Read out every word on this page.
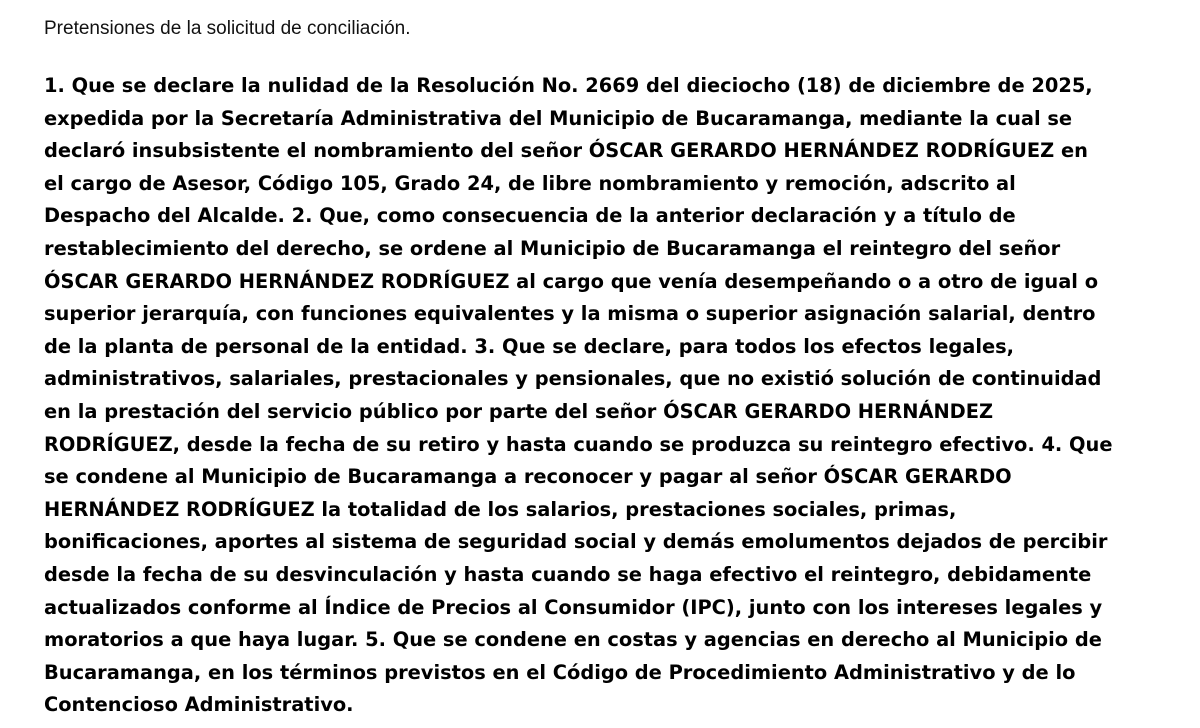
Pretensiones de la solicitud de conciliación.
1. Que se declare la nulidad de la Resolución No. 2669 del dieciocho (18) de diciembre de 2025,
expedida por la Secretaría Administrativa del Municipio de Bucaramanga, mediante la cual se
declaró insubsistente el nombramiento del señor ÓSCAR GERARDO HERNÁNDEZ RODRÍGUEZ en
el cargo de Asesor, Código 105, Grado 24, de libre nombramiento y remoción, adscrito al
Despacho del Alcalde. 2. Que, como consecuencia de la anterior declaración y a título de
restablecimiento del derecho, se ordene al Municipio de Bucaramanga el reintegro del señor
ÓSCAR GERARDO HERNÁNDEZ RODRÍGUEZ al cargo que venía desempeñando o a otro de igual o
superior jerarquía, con funciones equivalentes y la misma o superior asignación salarial, dentro
de la planta de personal de la entidad. 3. Que se declare, para todos los efectos legales,
administrativos, salariales, prestacionales y pensionales, que no existió solución de continuidad
en la prestación del servicio público por parte del señor ÓSCAR GERARDO HERNÁNDEZ
RODRÍGUEZ, desde la fecha de su retiro y hasta cuando se produzca su reintegro efectivo. 4. Que
se condene al Municipio de Bucaramanga a reconocer y pagar al señor ÓSCAR GERARDO
HERNÁNDEZ RODRÍGUEZ la totalidad de los salarios, prestaciones sociales, primas,
bonificaciones, aportes al sistema de seguridad social y demás emolumentos dejados de percibir
desde la fecha de su desvinculación y hasta cuando se haga efectivo el reintegro, debidamente
actualizados conforme al Índice de Precios al Consumidor (IPC), junto con los intereses legales y
moratorios a que haya lugar. 5. Que se condene en costas y agencias en derecho al Municipio de
Bucaramanga, en los términos previstos en el Código de Procedimiento Administrativo y de lo
Contencioso Administrativo.
